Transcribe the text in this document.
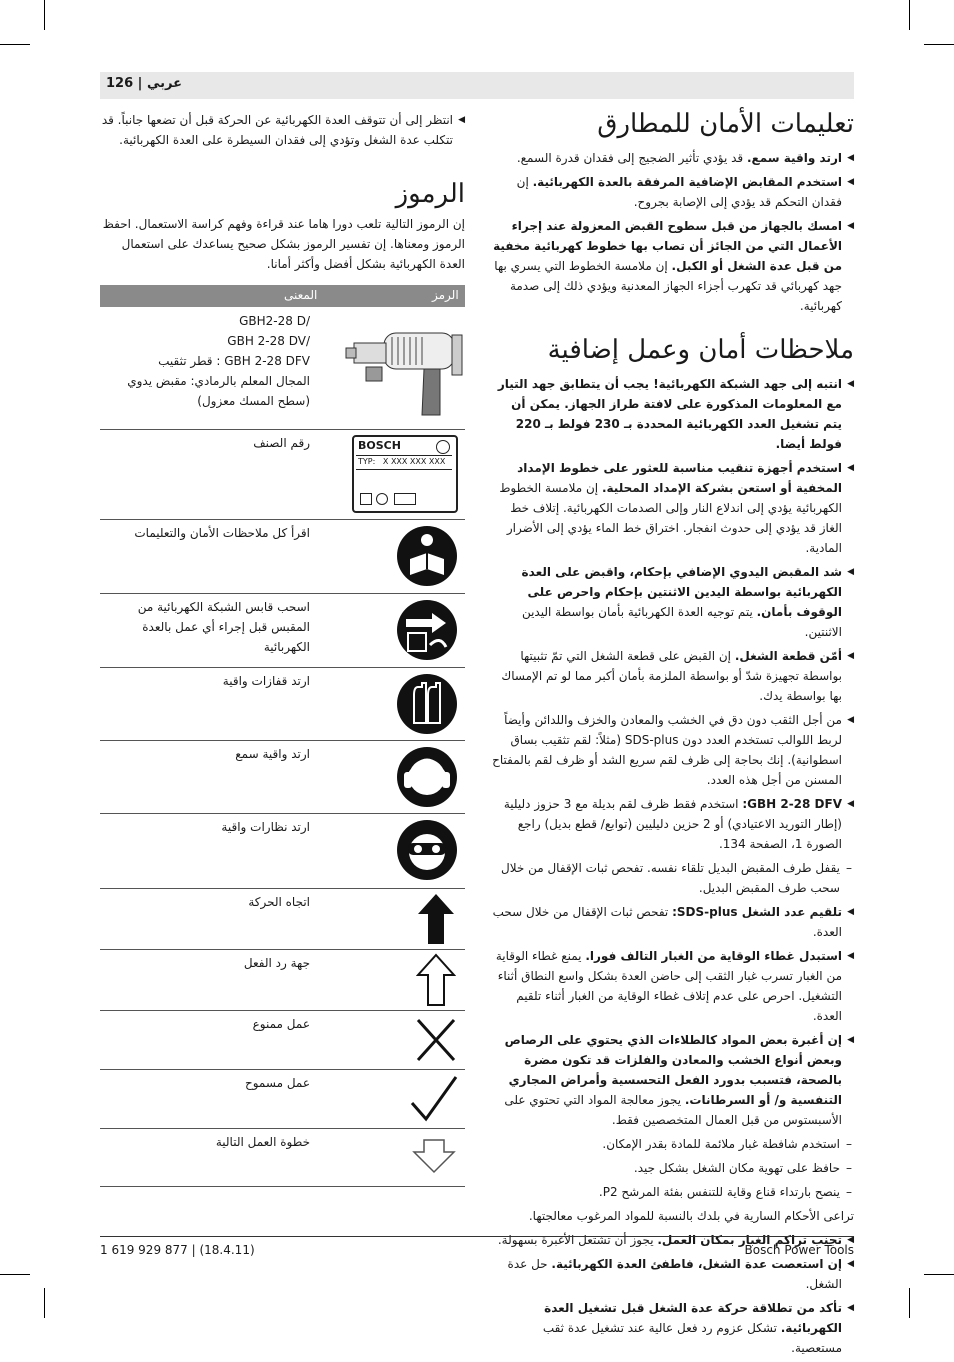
126 | عربي
تعليمات الأمان للمطارق
◀ ارتد واقية سمع. قد يؤدي تأثير الضجيج إلى فقدان قدرة السمع.
◀ استخدم المقابض الإضافية المرفقة بالعدة الكهربائية. إن فقدان التحكم قد يؤدي إلى الإصابة بجروح.
◀ امسك بالجهاز من قبل سطوح القبض المعزولة عند إجراء الأعمال التي من الجائز أن تصاب بها خطوط كهربائية مخفية من قبل عدة الشغل أو الكبل. إن ملامسة الخطوط التي يسري بها جهد كهربائي قد تكهرب أجزاء الجهاز المعدنية ويؤدي ذلك إلى صدمة كهربائية.
ملاحظات أمان وعمل إضافية
◀ انتبه إلى جهد الشبكة الكهربائية! يجب أن يتطابق جهد التيار مع المعلومات المذكورة على لافتة طراز الجهاز. يمكن أن يتم تشغيل العدد الكهربائية المحددة بـ 230 فولط بـ 220 فولط أيضا.
◀ استخدم أجهزة تنقيب مناسبة للعثور على خطوط الإمداد المخفية أو استعن بشركة الإمداد المحلية. إن ملامسة الخطوط الكهربائية يؤدي إلى اندلاع النار وإلى الصدمات الكهربائية. إتلاف خط الغاز قد يؤدي إلى حدوث انفجار. اختراق خط الماء يؤدي إلى الأضرار المادية.
◀ شد المقبض اليدوي الإضافي بإحكام، واقبض على العدة الكهربائية بواسطة اليدين الاثنتين بإحكام واحرص على الوقوف بأمان. يتم توجيه العدة الكهربائية بأمان بواسطة اليدين الاثنتين.
◀ أمّن قطعة الشغل. إن القبض على قطعة الشغل التي تمّ تثبيتها بواسطة تجهيزة شدّ أو بواسطة الملزمة بأمان أكبر مما لو تم الإمساك بها بواسطة يدك.
◀ من أجل الثقب دون دق في الخشب والمعادن والخزف واللدائن وأيضاً لربط اللوالب تستخدم العدد دون SDS-plus (مثلاً: لقم تثقيب بساق اسطوانية). إنك بحاجة إلى ظرف لقم سريع الشد أو ظرف لقم بالمفتاح المسنن من أجل هذه العدد.
◀ GBH 2-28 DFV: استخدم فقط ظرف لقم بديلة مع 3 حزوز دليلية (إطار التوريد الاعتيادي) أو 2 حزين دليليين (توابع/ قطع بديل) راجع الصورة 1، الصفحة 134.
– يقفل طرف المقبض البديل تلقاء نفسه. تفحص ثبات الإقفال من خلال سحب طرف المقبض البديل.
◀ تلقيم عدد الشغل SDS-plus: تفحص ثبات الإقفال من خلال سحب العدة.
◀ استبدل غطاء الوقاية من الغبار التالف فورا. يمنع غطاء الوقاية من الغبار تسرب غبار الثقب إلى حاضن العدة بشكل واسع النطاق أثناء التشغيل. احرص على عدم إتلاف غطاء الوقاية من الغبار أثناء تلقيم العدة.
◀ إن أغبرة بعض المواد كالطلاءات الذي يحتوي على الرصاص وبعض أنواع الخشب والمعادن والفلزات قد تكون مضرة بالصحة، فتسبب بدورد الفعل التحسسية وأمراض المجاري التنفسية و/ أو السرطانات. يجوز معالجة المواد التي تحتوي على الأسبستوس من قبل العمال المتخصصين فقط.
– استخدم شافطة غبار ملائمة للمادة بقدر الإمكان.
– حافظ على تهوية مكان الشغل بشكل جيد.
– ينصح بارتداء قناع وقاية للتنفس بفئة المرشح P2.
تراعى الأحكام السارية في بلدك بالنسبة للمواد المرغوب معالجتها.
◀ تجنب تراكم الغبار بمكان العمل. يجوز أن تشتعل الأغبرة بسهولة.
◀ إن استعصت عدة الشغل، فاطفئ العدة الكهربائية. حل عدة الشغل.
◀ تأكد من تطلاقة حركة عدة الشغل قبل تشغيل العدة الكهربائية. تشكل عزوم رد فعل عالية عند تشغيل عدة ثقب مستعصية.
◀ انتظر إلى أن تتوقف العدة الكهربائية عن الحركة قبل أن تضعها جانباً. قد تتكلب عدة الشغل وتؤدي إلى فقدان السيطرة على العدة الكهربائية.
الرموز
إن الرموز التالية تلعب دورا هاما عند قراءة وفهم كراسة الاستعمال. احفظ الرموز ومعناها. إن تفسير الرموز بشكل صحيح يساعدك على استعمال العدة الكهربائية بشكل أفضل وأكثر أمانا.
الرمز
المعنى
/GBH2-28 D
/GBH 2-28 DV
GBH 2-28 DFV : قطر تثقيب
المجال المعلم بالرمادي: مقبض يدوي (سطح المسك معزول)
رقم الصنف	BOSCH
TYP:   X XXX XXX XXX
اقرأ كل ملاحظات الأمان والتعليمات
اسحب قابس الشبكة الكهربائية من المقبس قبل إجراء أي عمل بالعدة الكهربائية
ارتد قفازات واقية
ارتد واقية سمع
ارتد نظارات واقية
اتجاه الحركة
جهة رد الفعل
عمل ممنوع
عمل مسموح
خطوة العمل التالية
1 619 929 877 | (18.4.11)	Bosch Power Tools
